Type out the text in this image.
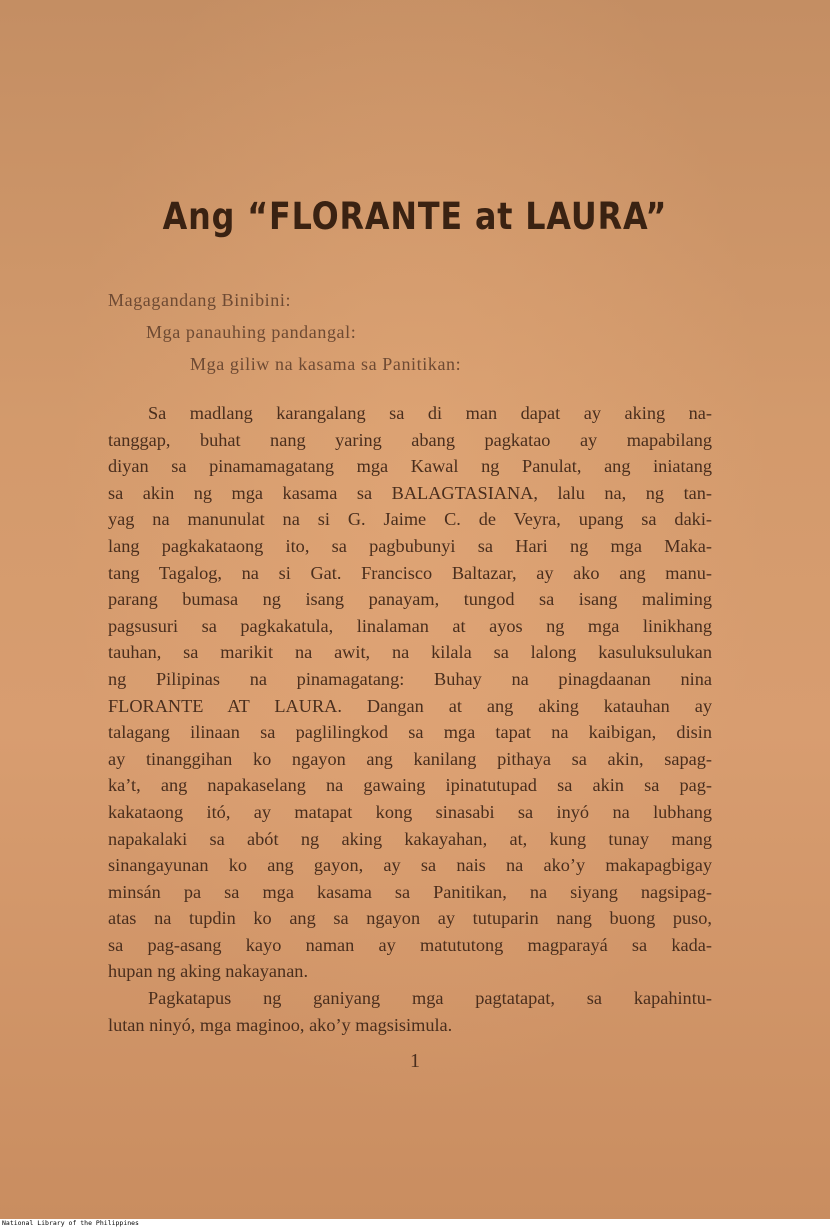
Ang “FLORANTE at LAURA”
Magagandang Binibini:
Mga panauhing pandangal:
Mga giliw na kasama sa Panitikan:
Sa madlang karangalang sa di man dapat ay aking na-
tanggap, buhat nang yaring abang pagkatao ay mapabilang
diyan sa pinamamagatang mga Kawal ng Panulat, ang iniatang
sa akin ng mga kasama sa BALAGTASIANA, lalu na, ng tan-
yag na manunulat na si G. Jaime C. de Veyra, upang sa daki-
lang pagkakataong ito, sa pagbubunyi sa Hari ng mga Maka-
tang Tagalog, na si Gat. Francisco Baltazar, ay ako ang manu-
parang bumasa ng isang panayam, tungod sa isang maliming
pagsusuri sa pagkakatula, linalaman at ayos ng mga linikhang
tauhan, sa marikit na awit, na kilala sa lalong kasuluksulukan
ng Pilipinas na pinamagatang: Buhay na pinagdaanan nina
FLORANTE AT LAURA. Dangan at ang aking katauhan ay
talagang ilinaan sa paglilingkod sa mga tapat na kaibigan, disin
ay tinanggihan ko ngayon ang kanilang pithaya sa akin, sapag-
ka’t, ang napakaselang na gawaing ipinatutupad sa akin sa pag-
kakataong itó, ay matapat kong sinasabi sa inyó na lubhang
napakalaki sa abót ng aking kakayahan, at, kung tunay mang
sinangayunan ko ang gayon, ay sa nais na ako’y makapagbigay
minsán pa sa mga kasama sa Panitikan, na siyang nagsipag-
atas na tupdin ko ang sa ngayon ay tutuparin nang buong puso,
sa pag-asang kayo naman ay matututong magparayá sa kada-
hupan ng aking nakayanan.
Pagkatapus ng ganiyang mga pagtatapat, sa kapahintu-
lutan ninyó, mga maginoo, ako’y magsisimula.
1
National Library of the Philippines
